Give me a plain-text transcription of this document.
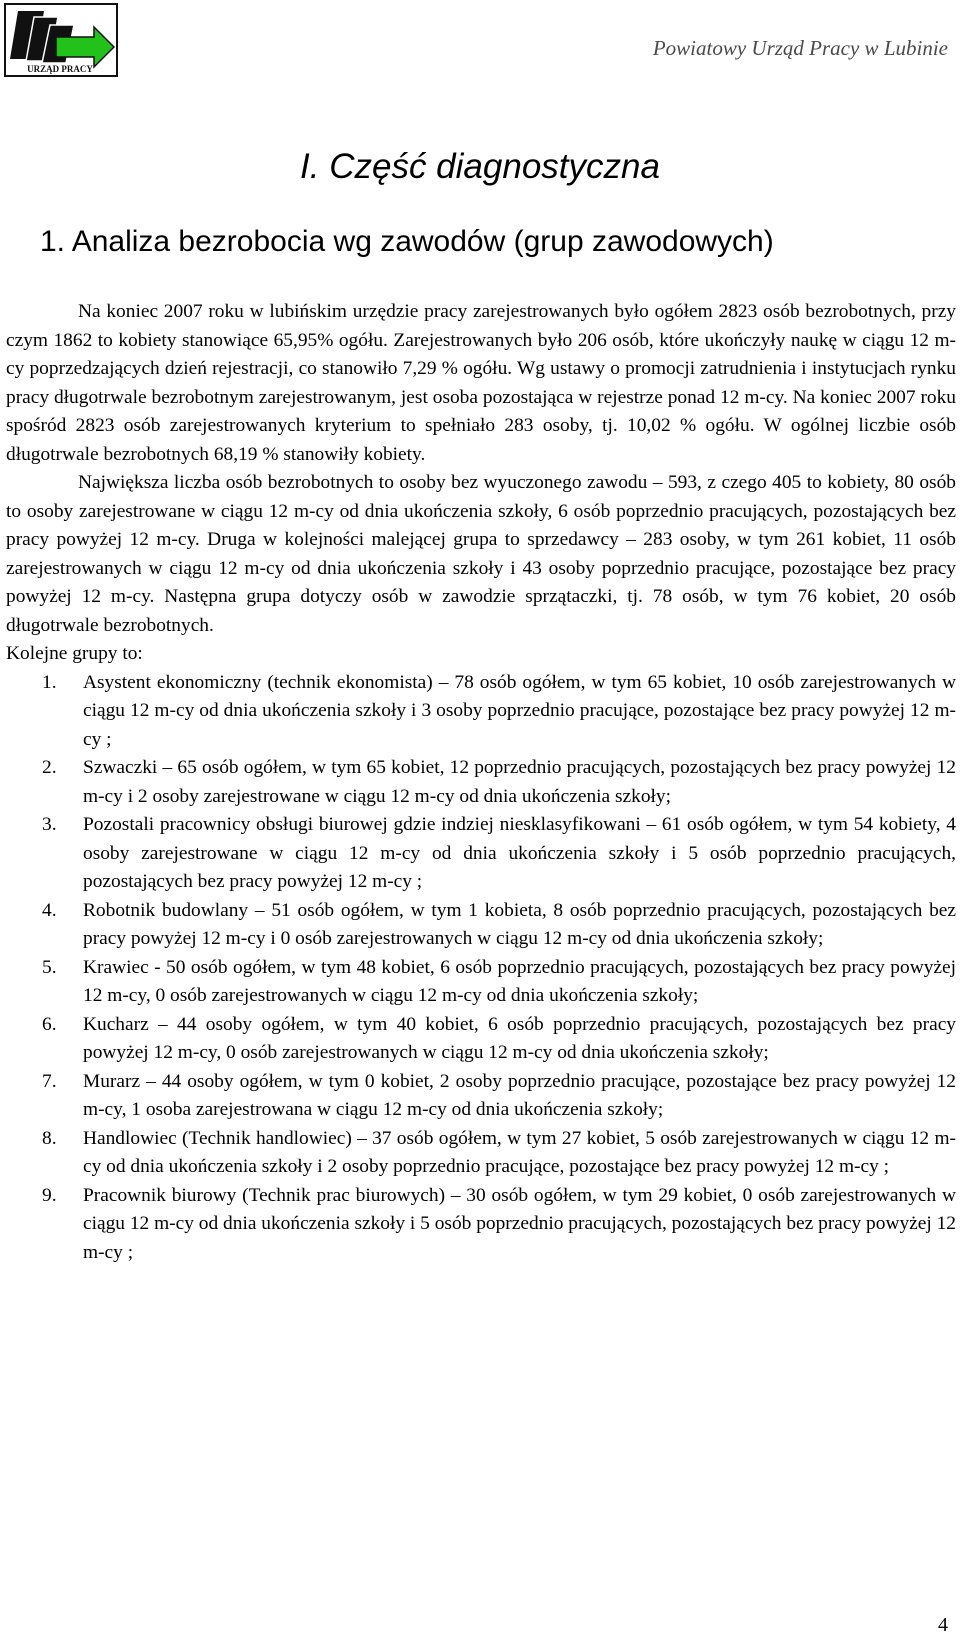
URZĄD PRACY
Powiatowy Urząd Pracy w Lubinie
I. Część diagnostyczna
1. Analiza bezrobocia wg zawodów (grup zawodowych)

Na koniec 2007 roku w lubińskim urzędzie pracy zarejestrowanych było ogółem 2823 osób bezrobotnych, przy czym 1862 to kobiety stanowiące 65,95% ogółu. Zarejestrowanych było 206 osób, które ukończyły naukę w ciągu 12 m-cy poprzedzających dzień rejestracji, co stanowiło 7,29 % ogółu. Wg ustawy o promocji zatrudnienia i instytucjach rynku pracy długotrwale bezrobotnym zarejestrowanym, jest osoba pozostająca w rejestrze ponad 12 m-cy. Na koniec 2007 roku spośród 2823 osób zarejestrowanych kryterium to spełniało 283 osoby, tj. 10,02 % ogółu. W ogólnej liczbie osób długotrwale bezrobotnych 68,19 % stanowiły kobiety.

Największa liczba osób bezrobotnych to osoby bez wyuczonego zawodu – 593, z czego 405 to kobiety, 80 osób to osoby zarejestrowane w ciągu 12 m-cy od dnia ukończenia szkoły, 6 osób poprzednio pracujących, pozostających bez pracy powyżej 12 m-cy. Druga w kolejności malejącej grupa to sprzedawcy – 283 osoby, w tym 261 kobiet, 11 osób zarejestrowanych w ciągu 12 m-cy od dnia ukończenia szkoły i 43 osoby poprzednio pracujące, pozostające bez pracy powyżej 12 m-cy. Następna grupa dotyczy osób w zawodzie sprzątaczki, tj. 78 osób, w tym 76 kobiet, 20 osób długotrwale bezrobotnych.

Kolejne grupy to:
1. Asystent ekonomiczny (technik ekonomista) – 78 osób ogółem, w tym 65 kobiet, 10 osób zarejestrowanych w ciągu 12 m-cy od dnia ukończenia szkoły i 3 osoby poprzednio pracujące, pozostające bez pracy powyżej 12 m-cy ;
2. Szwaczki – 65 osób ogółem, w tym 65 kobiet, 12 poprzednio pracujących, pozostających bez pracy powyżej 12 m-cy i 2 osoby zarejestrowane w ciągu 12 m-cy od dnia ukończenia szkoły;
3. Pozostali pracownicy obsługi biurowej gdzie indziej niesklasyfikowani – 61 osób ogółem, w tym 54 kobiety, 4 osoby zarejestrowane w ciągu 12 m-cy od dnia ukończenia szkoły i 5 osób poprzednio pracujących, pozostających bez pracy powyżej 12 m-cy ;
4. Robotnik budowlany – 51 osób ogółem, w tym 1 kobieta, 8 osób poprzednio pracujących, pozostających bez pracy powyżej 12 m-cy i 0 osób zarejestrowanych w ciągu 12 m-cy od dnia ukończenia szkoły;
5. Krawiec - 50 osób ogółem, w tym 48 kobiet, 6 osób poprzednio pracujących, pozostających bez pracy powyżej 12 m-cy, 0 osób zarejestrowanych w ciągu 12 m-cy od dnia ukończenia szkoły;
6. Kucharz – 44 osoby ogółem, w tym 40 kobiet, 6 osób poprzednio pracujących, pozostających bez pracy powyżej 12 m-cy, 0 osób zarejestrowanych w ciągu 12 m-cy od dnia ukończenia szkoły;
7. Murarz – 44 osoby ogółem, w tym 0 kobiet, 2 osoby poprzednio pracujące, pozostające bez pracy powyżej 12 m-cy, 1 osoba zarejestrowana w ciągu 12 m-cy od dnia ukończenia szkoły;
8. Handlowiec (Technik handlowiec) – 37 osób ogółem, w tym 27 kobiet, 5 osób zarejestrowanych w ciągu 12 m-cy od dnia ukończenia szkoły i 2 osoby poprzednio pracujące, pozostające bez pracy powyżej 12 m-cy ;
9. Pracownik biurowy (Technik prac biurowych) – 30 osób ogółem, w tym 29 kobiet, 0 osób zarejestrowanych w ciągu 12 m-cy od dnia ukończenia szkoły i 5 osób poprzednio pracujących, pozostających bez pracy powyżej 12 m-cy ;
4
